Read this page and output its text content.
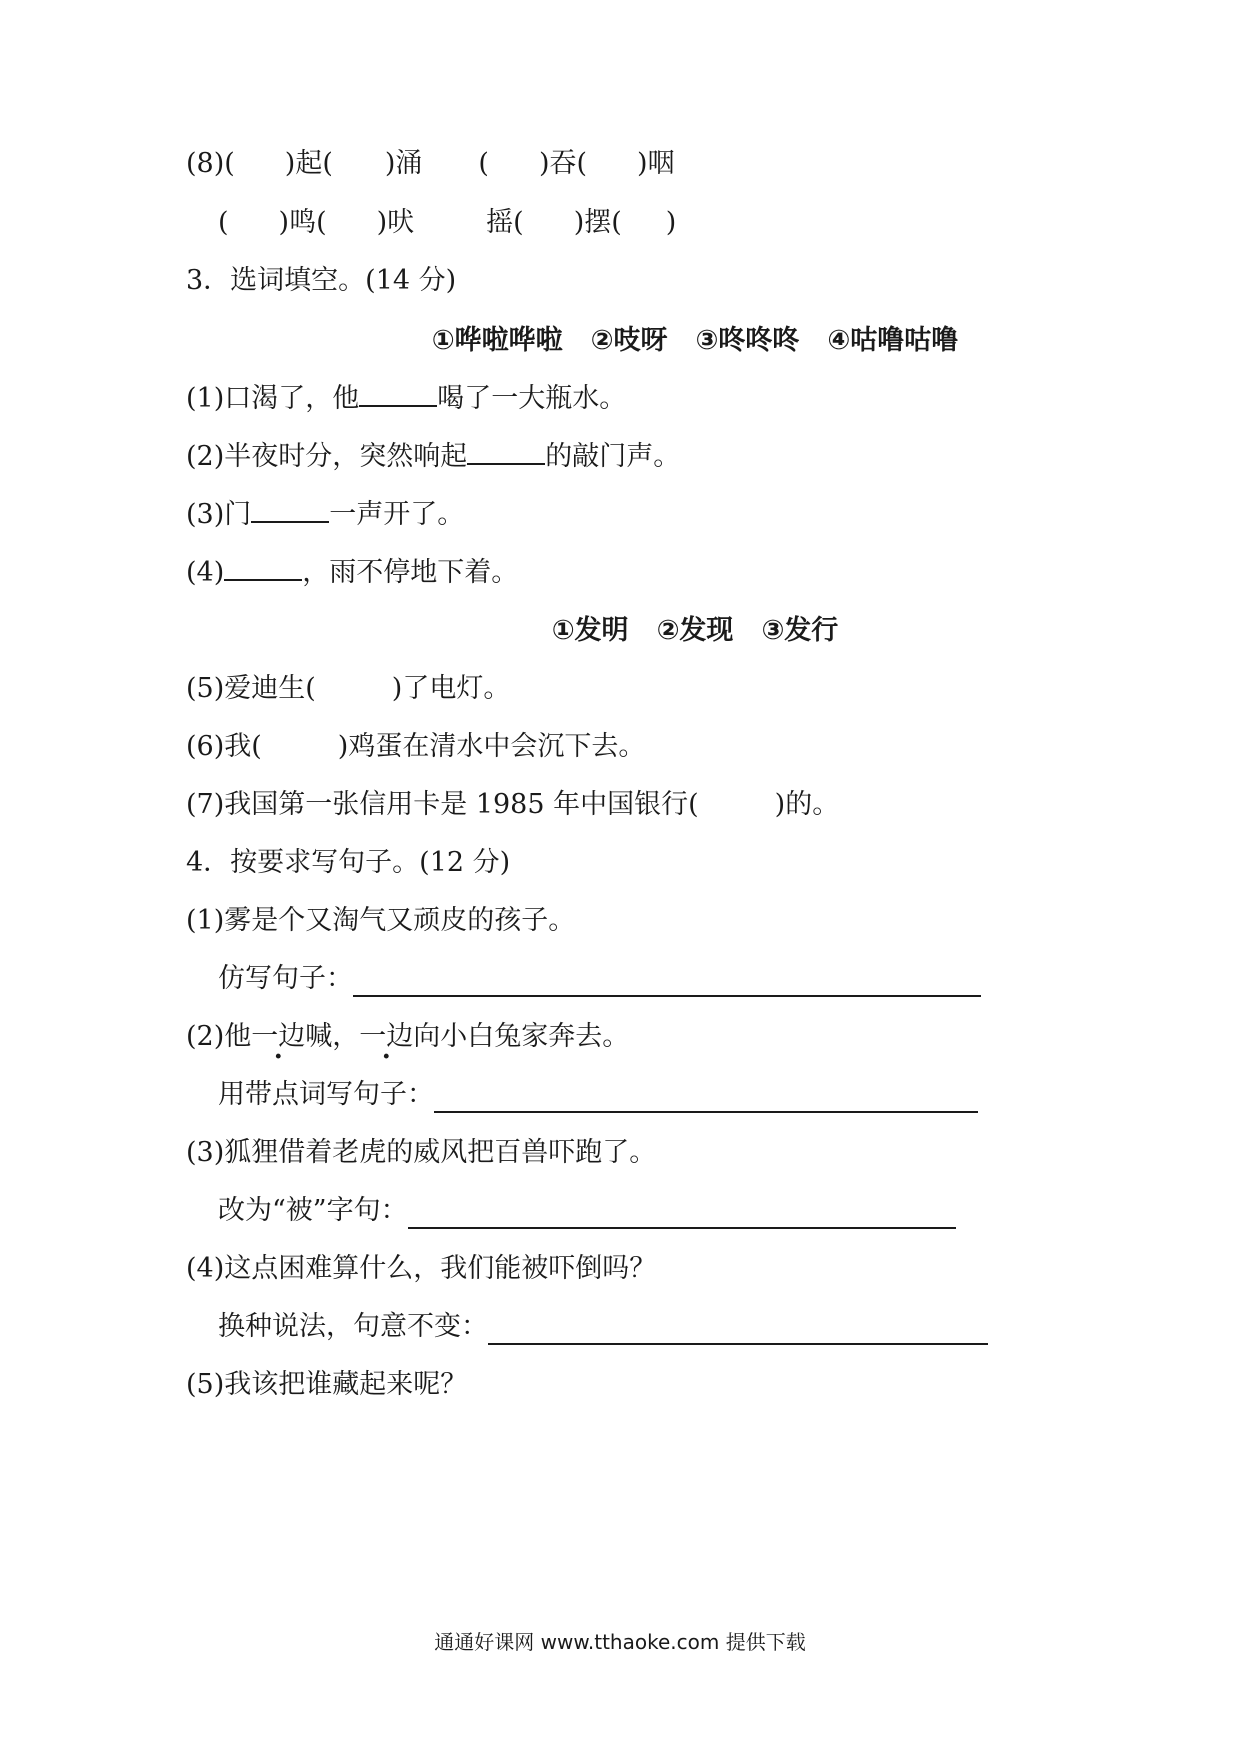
(8)( )起( )涌 ( )吞( )咽
( )鸣( )吠	摇( )摆( )
3．选词填空。(14 分)
①哗啦哗啦 ②吱呀 ③咚咚咚 ④咕噜咕噜
(1)口渴了，他	喝了一大瓶水。
(2)半夜时分，突然响起	的敲门声。
(3)门	一声开了。
(4)	，雨不停地下着。
①发明 ②发现 ③发行
(5)爱迪生(	)了电灯。
(6)我(	)鸡蛋在清水中会沉下去。
(7)我国第一张信用卡是 1985 年中国银行(	)的。
4．按要求写句子。(12 分)
(1)雾是个又淘气又顽皮的孩子。
仿写句子：
(2)他一边喊，一边向小白兔家奔去。
用带点词写句子：
(3)狐狸借着老虎的威风把百兽吓跑了。
改为“被”字句：
(4)这点困难算什么，我们能被吓倒吗？
换种说法，句意不变：
(5)我该把谁藏起来呢？
通通好课网 www.tthaoke.com 提供下载
